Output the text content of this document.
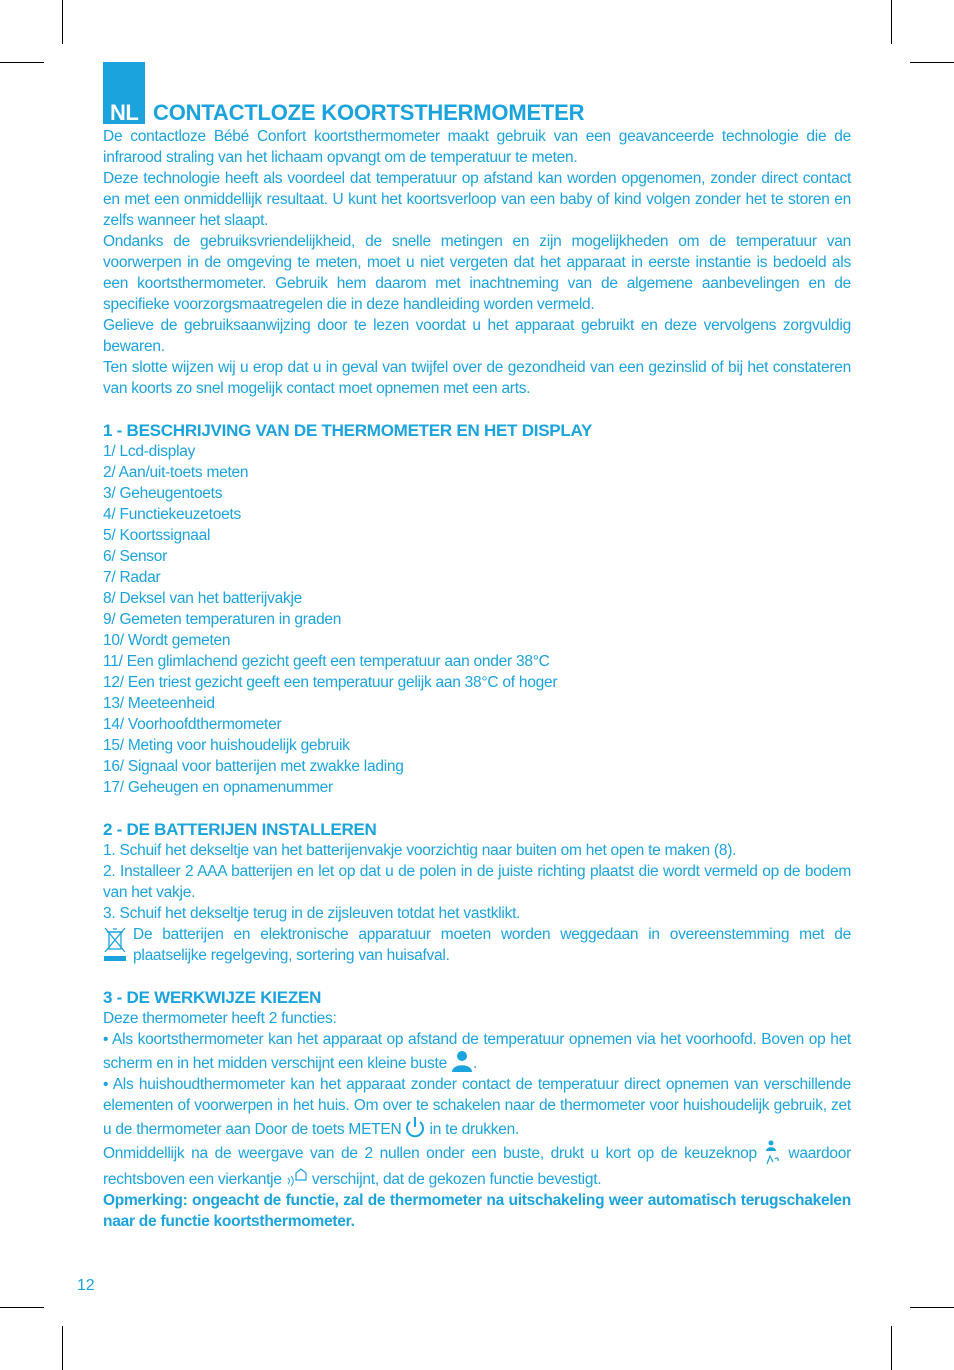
NL CONTACTLOZE KOORTSTHERMOMETER

De contactloze Bébé Confort koortsthermometer maakt gebruik van een geavanceerde technologie die de infrarood straling van het lichaam opvangt om de temperatuur te meten.

Deze technologie heeft als voordeel dat temperatuur op afstand kan worden opgenomen, zonder direct contact en met een onmiddellijk resultaat. U kunt het koortsverloop van een baby of kind volgen zonder het te storen en zelfs wanneer het slaapt.

Ondanks de gebruiksvriendelijkheid, de snelle metingen en zijn mogelijkheden om de temperatuur van voorwerpen in de omgeving te meten, moet u niet vergeten dat het apparaat in eerste instantie is bedoeld als een koortsthermometer. Gebruik hem daarom met inachtneming van de algemene aanbevelingen en de specifieke voorzorgsmaatregelen die in deze handleiding worden vermeld.

Gelieve de gebruiksaanwijzing door te lezen voordat u het apparaat gebruikt en deze vervolgens zorgvuldig bewaren.

Ten slotte wijzen wij u erop dat u in geval van twijfel over de gezondheid van een gezinslid of bij het constateren van koorts zo snel mogelijk contact moet opnemen met een arts.

1 - BESCHRIJVING VAN DE THERMOMETER EN HET DISPLAY

1/ Lcd-display

2/ Aan/uit-toets meten

3/ Geheugentoets

4/ Functiekeuzetoets

5/ Koortssignaal

6/ Sensor

7/ Radar

8/ Deksel van het batterijvakje

9/ Gemeten temperaturen in graden

10/ Wordt gemeten

11/ Een glimlachend gezicht geeft een temperatuur aan onder 38°C

12/ Een triest gezicht geeft een temperatuur gelijk aan 38°C of hoger

13/ Meeteenheid

14/ Voorhoofdthermometer

15/ Meting voor huishoudelijk gebruik

16/ Signaal voor batterijen met zwakke lading

17/ Geheugen en opnamenummer

2 - DE BATTERIJEN INSTALLEREN

1. Schuif het dekseltje van het batterijenvakje voorzichtig naar buiten om het open te maken (8).

2. Installeer 2 AAA batterijen en let op dat u de polen in de juiste richting plaatst die wordt vermeld op de bodem van het vakje.

3. Schuif het dekseltje terug in de zijsleuven totdat het vastklikt.

De batterijen en elektronische apparatuur moeten worden weggedaan in overeenstemming met de plaatselijke regelgeving, sortering van huisafval.

3 - DE WERKWIJZE KIEZEN

Deze thermometer heeft 2 functies:

• Als koortsthermometer kan het apparaat op afstand de temperatuur opnemen via het voorhoofd. Boven op het scherm en in het midden verschijnt een kleine buste .

• Als huishoudthermometer kan het apparaat zonder contact de temperatuur direct opnemen van verschillende elementen of voorwerpen in het huis. Om over te schakelen naar de thermometer voor huishoudelijk gebruik, zet u de thermometer aan Door de toets METEN in te drukken.

Onmiddellijk na de weergave van de 2 nullen onder een buste, drukt u kort op de keuzeknop waardoor rechtsboven een vierkantje verschijnt, dat de gekozen functie bevestigt.

Opmerking: ongeacht de functie, zal de thermometer na uitschakeling weer automatisch terugschakelen naar de functie koortsthermometer.

12
